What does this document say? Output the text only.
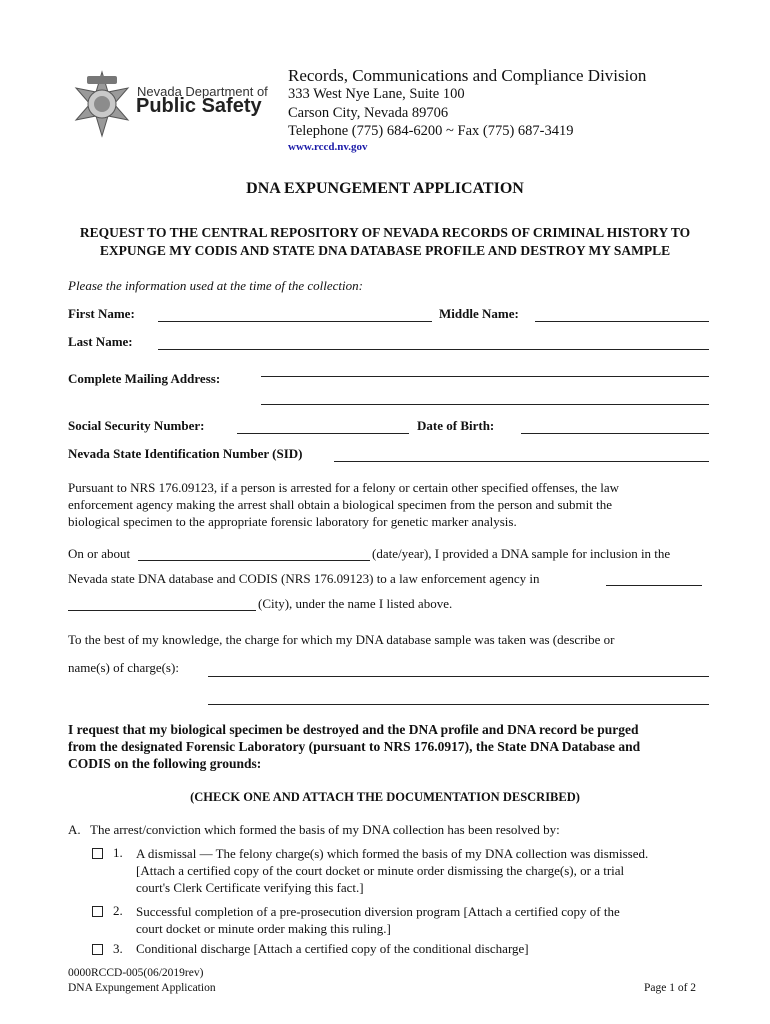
Nevada Department of
Public Safety
Records, Communications and Compliance Division
333 West Nye Lane, Suite 100
Carson City, Nevada 89706
Telephone (775) 684-6200 ~ Fax (775) 687-3419
www.rccd.nv.gov
DNA EXPUNGEMENT APPLICATION
REQUEST TO THE CENTRAL REPOSITORY OF NEVADA RECORDS OF CRIMINAL HISTORY TO
EXPUNGE MY CODIS AND STATE DNA DATABASE PROFILE AND DESTROY MY SAMPLE
Please the information used at the time of the collection:
First Name:	Middle Name:
Last Name:
Complete Mailing Address:
Social Security Number:	Date of Birth:
Nevada State Identification Number (SID)
Pursuant to NRS 176.09123, if a person is arrested for a felony or certain other specified offenses, the law
enforcement agency making the arrest shall obtain a biological specimen from the person and submit the
biological specimen to the appropriate forensic laboratory for genetic marker analysis.
On or about	(date/year), I provided a DNA sample for inclusion in the
Nevada state DNA database and CODIS (NRS 176.09123) to a law enforcement agency in
(City), under the name I listed above.
To the best of my knowledge, the charge for which my DNA database sample was taken was (describe or
name(s) of charge(s):
I request that my biological specimen be destroyed and the DNA profile and DNA record be purged
from the designated Forensic Laboratory (pursuant to NRS 176.0917), the State DNA Database and
CODIS on the following grounds:
(CHECK ONE AND ATTACH THE DOCUMENTATION DESCRIBED)
A. The arrest/conviction which formed the basis of my DNA collection has been resolved by:
1. A dismissal — The felony charge(s) which formed the basis of my DNA collection was dismissed.
[Attach a certified copy of the court docket or minute order dismissing the charge(s), or a trial
court's Clerk Certificate verifying this fact.]
2. Successful completion of a pre-prosecution diversion program [Attach a certified copy of the
court docket or minute order making this ruling.]
3. Conditional discharge [Attach a certified copy of the conditional discharge]
0000RCCD-005(06/2019rev)
DNA Expungement Application	Page 1 of 2
